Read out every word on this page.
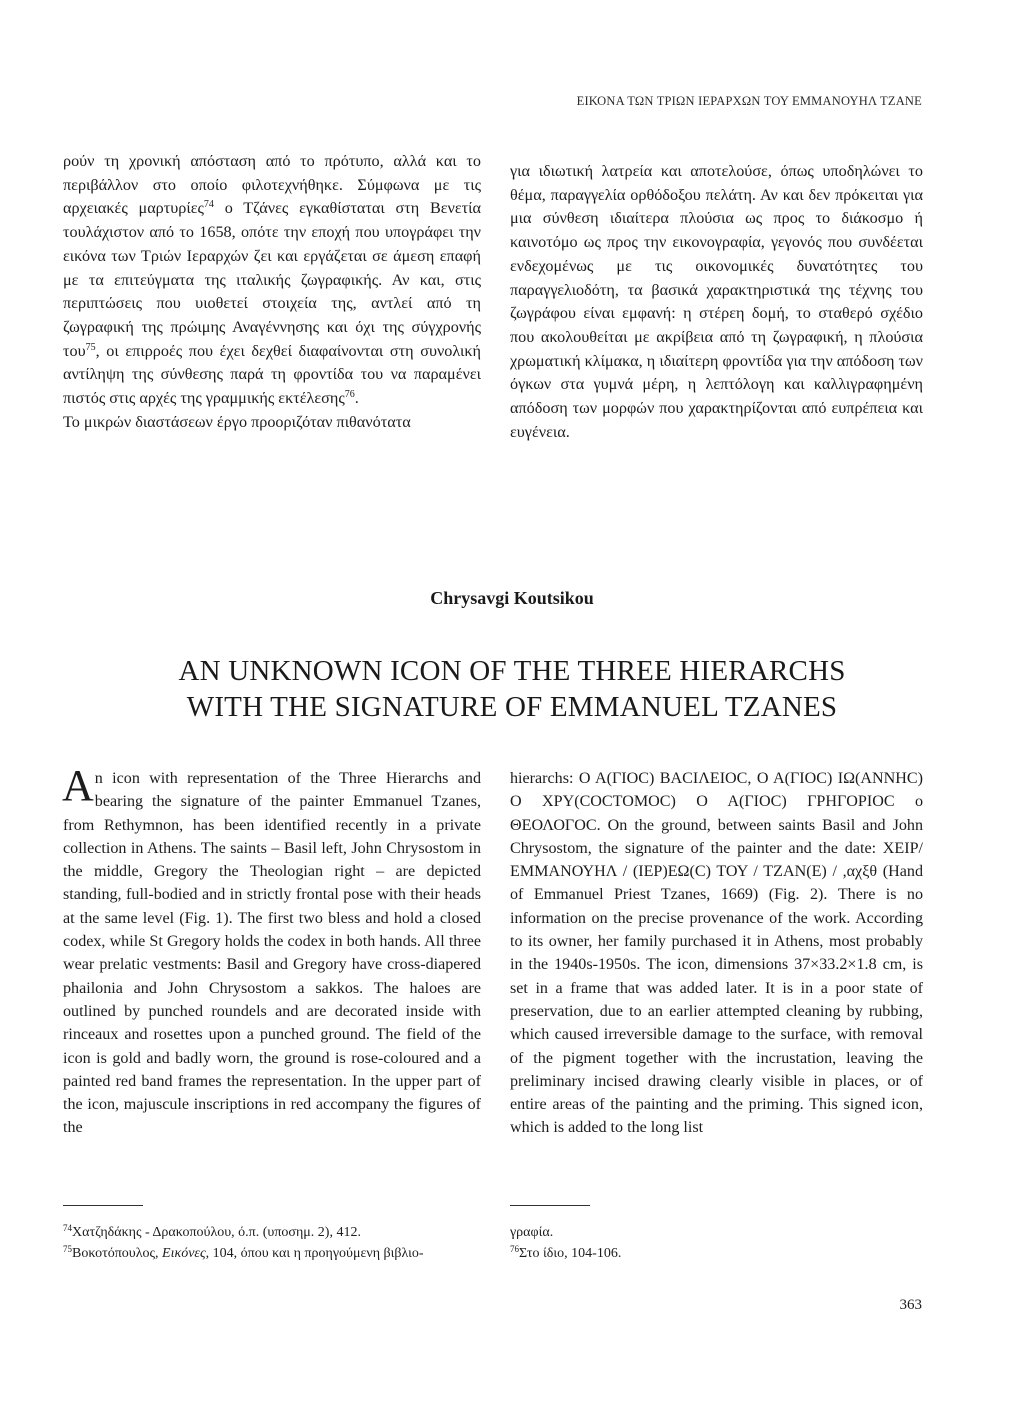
ΕΙΚΟΝΑ ΤΩΝ ΤΡΙΩΝ ΙΕΡΑΡΧΩΝ ΤΟΥ ΕΜΜΑΝΟΥΗΛ ΤΖΑΝΕ
ρούν τη χρονική απόσταση από το πρότυπο, αλλά και το περιβάλλον στο οποίο φιλοτεχνήθηκε. Σύμφωνα με τις αρχειακές μαρτυρίες$^{74}$ ο Τζάνες εγκαθίσταται στη Βενετία τουλάχιστον από το 1658, οπότε την εποχή που υπογράφει την εικόνα των Τριών Ιεραρχών ζει και εργάζεται σε άμεση επαφή με τα επιτεύγματα της ιταλικής ζωγραφικής. Αν και, στις περιπτώσεις που υιοθετεί στοιχεία της, αντλεί από τη ζωγραφική της πρώιμης Αναγέννησης και όχι της σύγχρονής του$^{75}$, οι επιρροές που έχει δεχθεί διαφαίνονται στη συνολική αντίληψη της σύνθεσης παρά τη φροντίδα του να παραμένει πιστός στις αρχές της γραμμικής εκτέλεσης$^{76}$.
Το μικρών διαστάσεων έργο προοριζόταν πιθανότατα
για ιδιωτική λατρεία και αποτελούσε, όπως υποδηλώνει το θέμα, παραγγελία ορθόδοξου πελάτη. Αν και δεν πρόκειται για μια σύνθεση ιδιαίτερα πλούσια ως προς το διάκοσμο ή καινοτόμο ως προς την εικονογραφία, γεγονός που συνδέεται ενδεχομένως με τις οικονομικές δυνατότητες του παραγγελιοδότη, τα βασικά χαρακτηριστικά της τέχνης του ζωγράφου είναι εμφανή: η στέρεη δομή, το σταθερό σχέδιο που ακολουθείται με ακρίβεια από τη ζωγραφική, η πλούσια χρωματική κλίμακα, η ιδιαίτερη φροντίδα για την απόδοση των όγκων στα γυμνά μέρη, η λεπτόλογη και καλλιγραφημένη απόδοση των μορφών που χαρακτηρίζονται από ευπρέπεια και ευγένεια.
Chrysavgi Koutsikou
AN UNKNOWN ICON OF THE THREE HIERARCHS
WITH THE SIGNATURE OF EMMANUEL TZANES
An icon with representation of the Three Hierarchs and bearing the signature of the painter Emmanuel Tzanes, from Rethymnon, has been identified recently in a private collection in Athens. The saints – Basil left, John Chrysostom in the middle, Gregory the Theologian right – are depicted standing, full-bodied and in strictly frontal pose with their heads at the same level (Fig. 1). The first two bless and hold a closed codex, while St Gregory holds the codex in both hands. All three wear prelatic vestments: Basil and Gregory have cross-diapered phailonia and John Chrysostom a sakkos. The haloes are outlined by punched roundels and are decorated inside with rinceaux and rosettes upon a punched ground. The field of the icon is gold and badly worn, the ground is rose-coloured and a painted red band frames the representation. In the upper part of the icon, majuscule inscriptions in red accompany the figures of the
hierarchs: Ο Α(ΓΙΟC) ΒΑCΙΛΕΙΟC, Ο Α(ΓΙΟC) ΙΩ(ΑΝΝΗC) Ο ΧΡΥ(COCTOMOC) Ο Α(ΓΙΟC) ΓΡΗΓΟΡΙΟC ο ΘΕΟΛΟΓΟC. On the ground, between saints Basil and John Chrysostom, the signature of the painter and the date: ΧΕΙΡ/ ΕΜΜΑΝΟΥΗΛ / (ΙΕΡ)ΕΩ(C) ΤΟΥ / ΤΖΑΝ(Ε) / ,αχξθ (Hand of Emmanuel Priest Tzanes, 1669) (Fig. 2). There is no information on the precise provenance of the work. According to its owner, her family purchased it in Athens, most probably in the 1940s-1950s. The icon, dimensions 37×33.2×1.8 cm, is set in a frame that was added later. It is in a poor state of preservation, due to an earlier attempted cleaning by rubbing, which caused irreversible damage to the surface, with removal of the pigment together with the incrustation, leaving the preliminary incised drawing clearly visible in places, or of entire areas of the painting and the priming. This signed icon, which is added to the long list
$^{74}$Χατζηδάκης - Δρακοπούλου, ό.π. (υποσημ. 2), 412.
$^{75}$Βοκοτόπουλος, Εικόνες, 104, όπου και η προηγούμενη βιβλιο-
γραφία.
$^{76}$Στο ίδιο, 104-106.
363
